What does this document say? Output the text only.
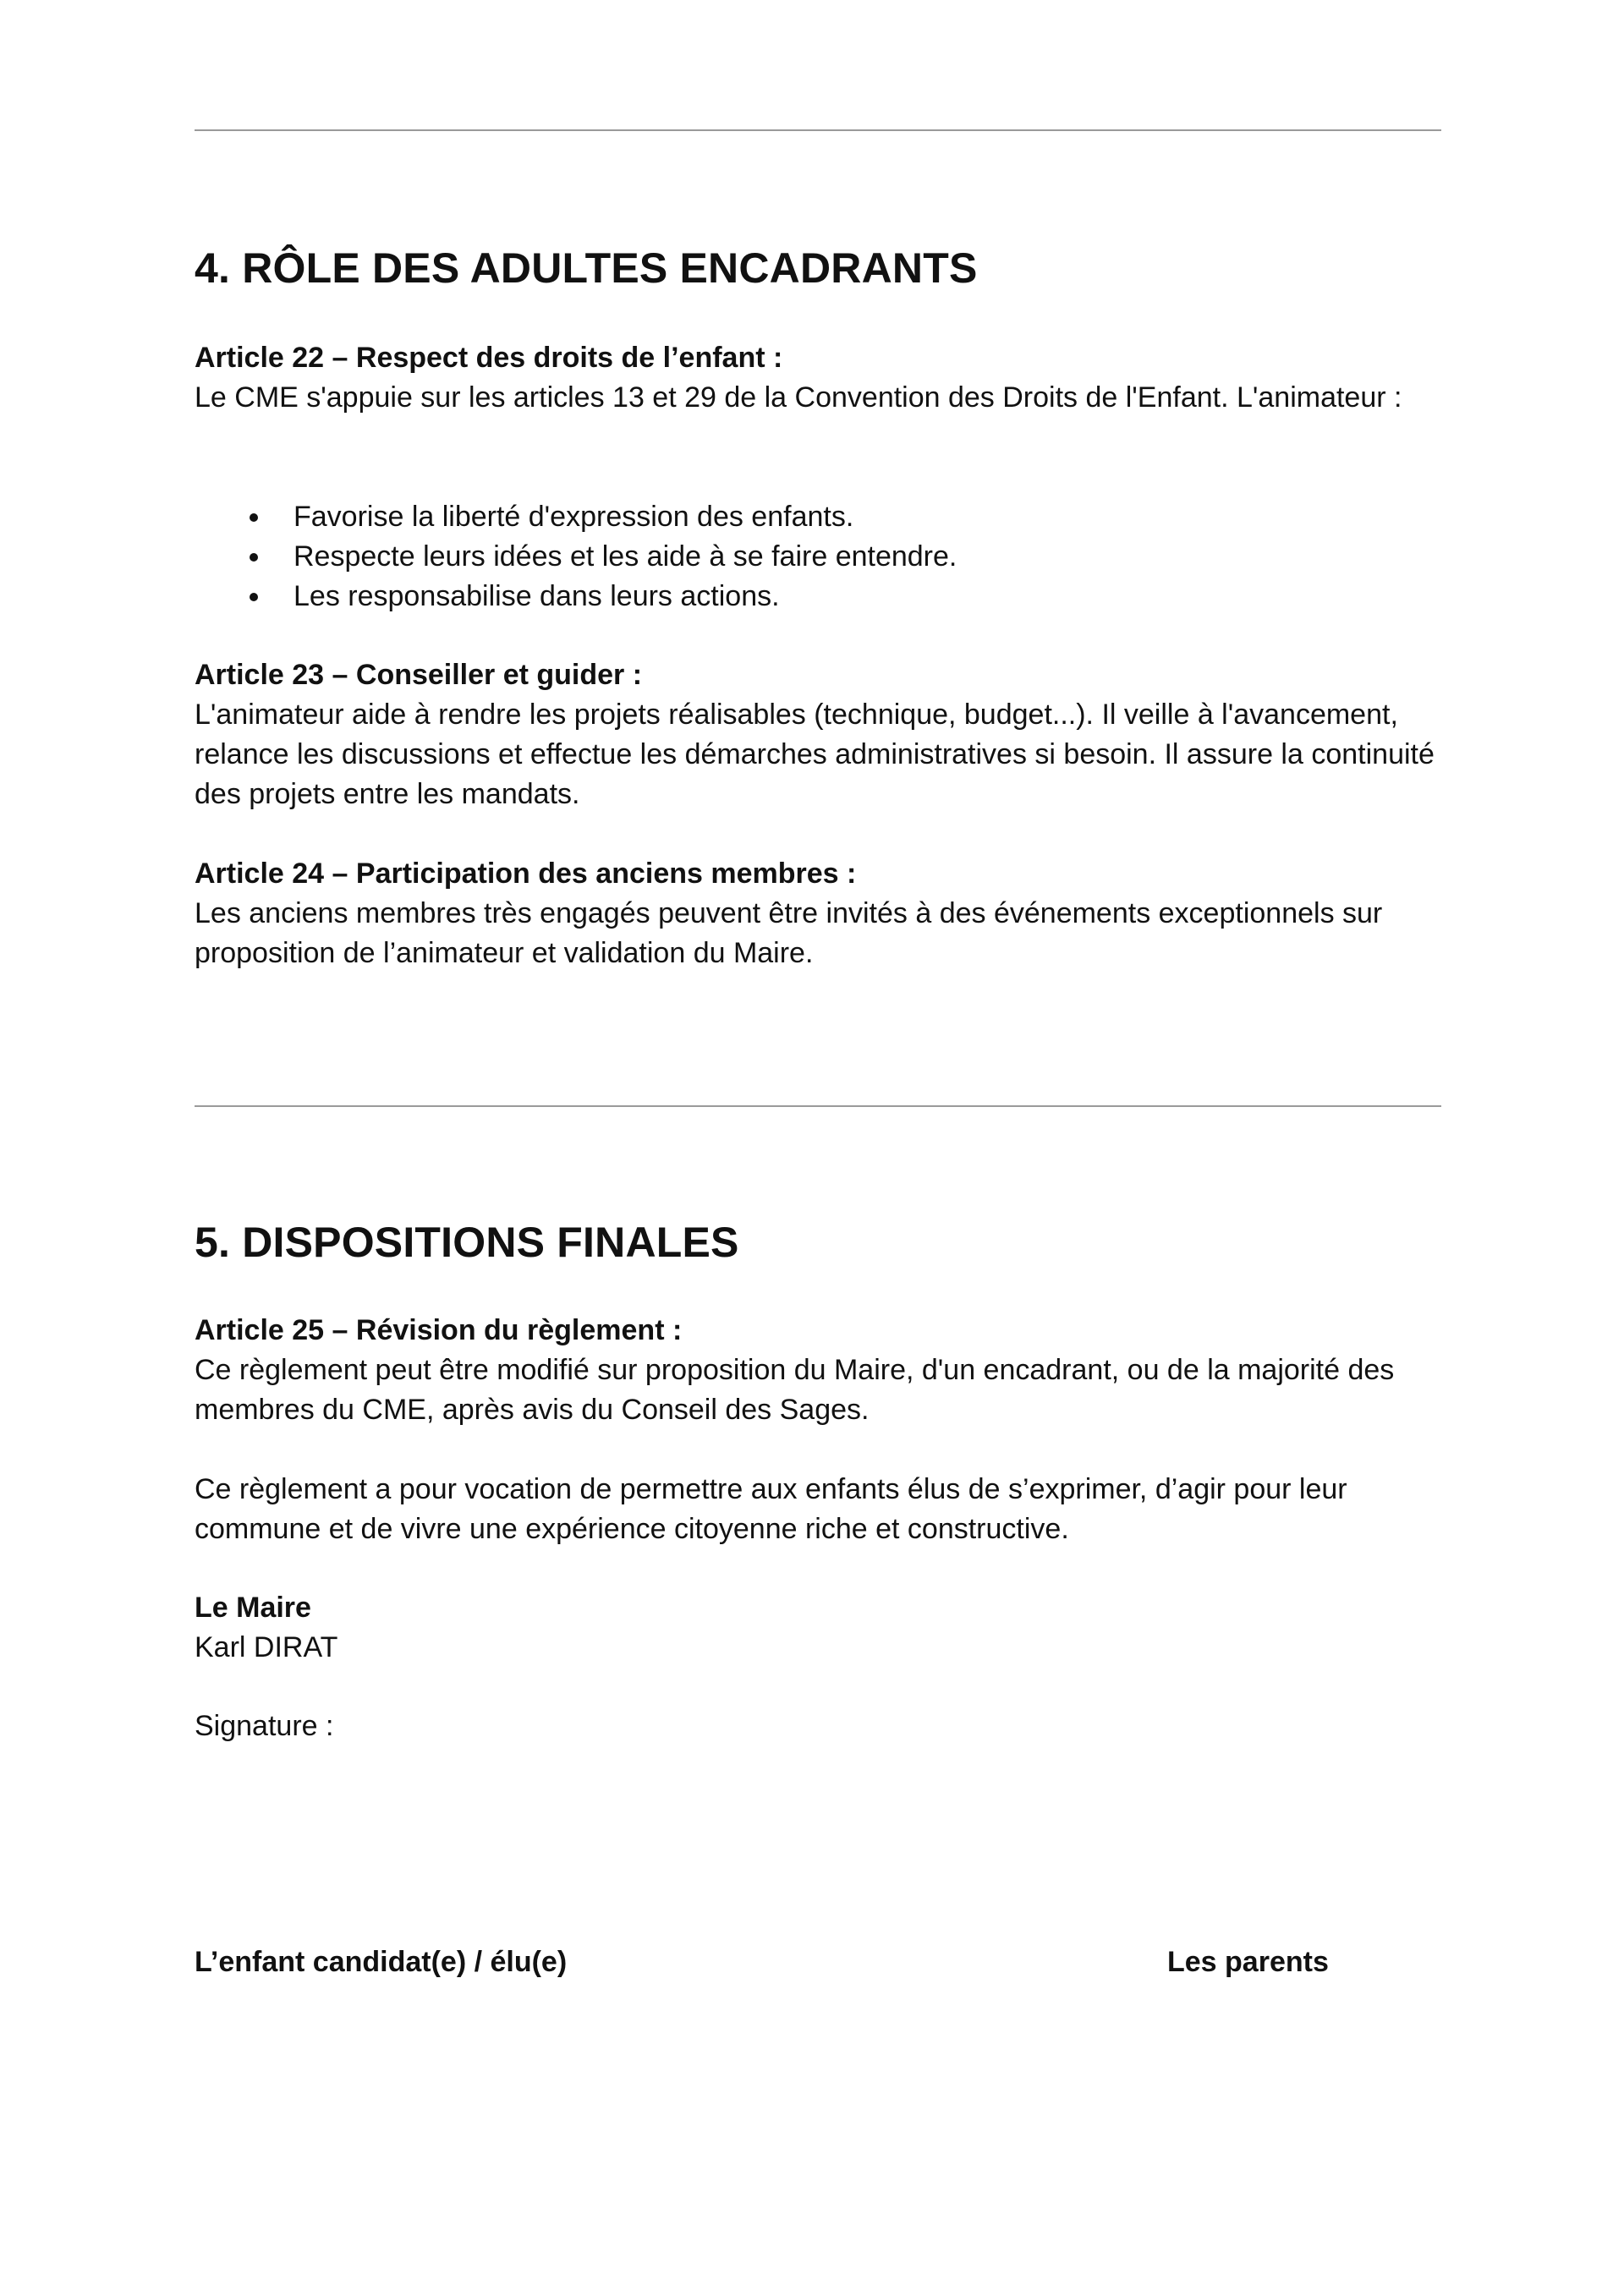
4. RÔLE DES ADULTES ENCADRANTS

Article 22 – Respect des droits de l’enfant :

Le CME s'appuie sur les articles 13 et 29 de la Convention des Droits de l'Enfant. L'animateur :

Favorise la liberté d'expression des enfants.
Respecte leurs idées et les aide à se faire entendre.
Les responsabilise dans leurs actions.

Article 23 – Conseiller et guider :

L'animateur aide à rendre les projets réalisables (technique, budget...). Il veille à l'avancement, relance les discussions et effectue les démarches administratives si besoin. Il assure la continuité des projets entre les mandats.

Article 24 – Participation des anciens membres :

Les anciens membres très engagés peuvent être invités à des événements exceptionnels sur proposition de l’animateur et validation du Maire.

5. DISPOSITIONS FINALES

Article 25 – Révision du règlement :

Ce règlement peut être modifié sur proposition du Maire, d'un encadrant, ou de la majorité des membres du CME, après avis du Conseil des Sages.

Ce règlement a pour vocation de permettre aux enfants élus de s’exprimer, d’agir pour leur commune et de vivre une expérience citoyenne riche et constructive.

Le Maire

Karl DIRAT

Signature :

L’enfant candidat(e) / élu(e)	Les parents
